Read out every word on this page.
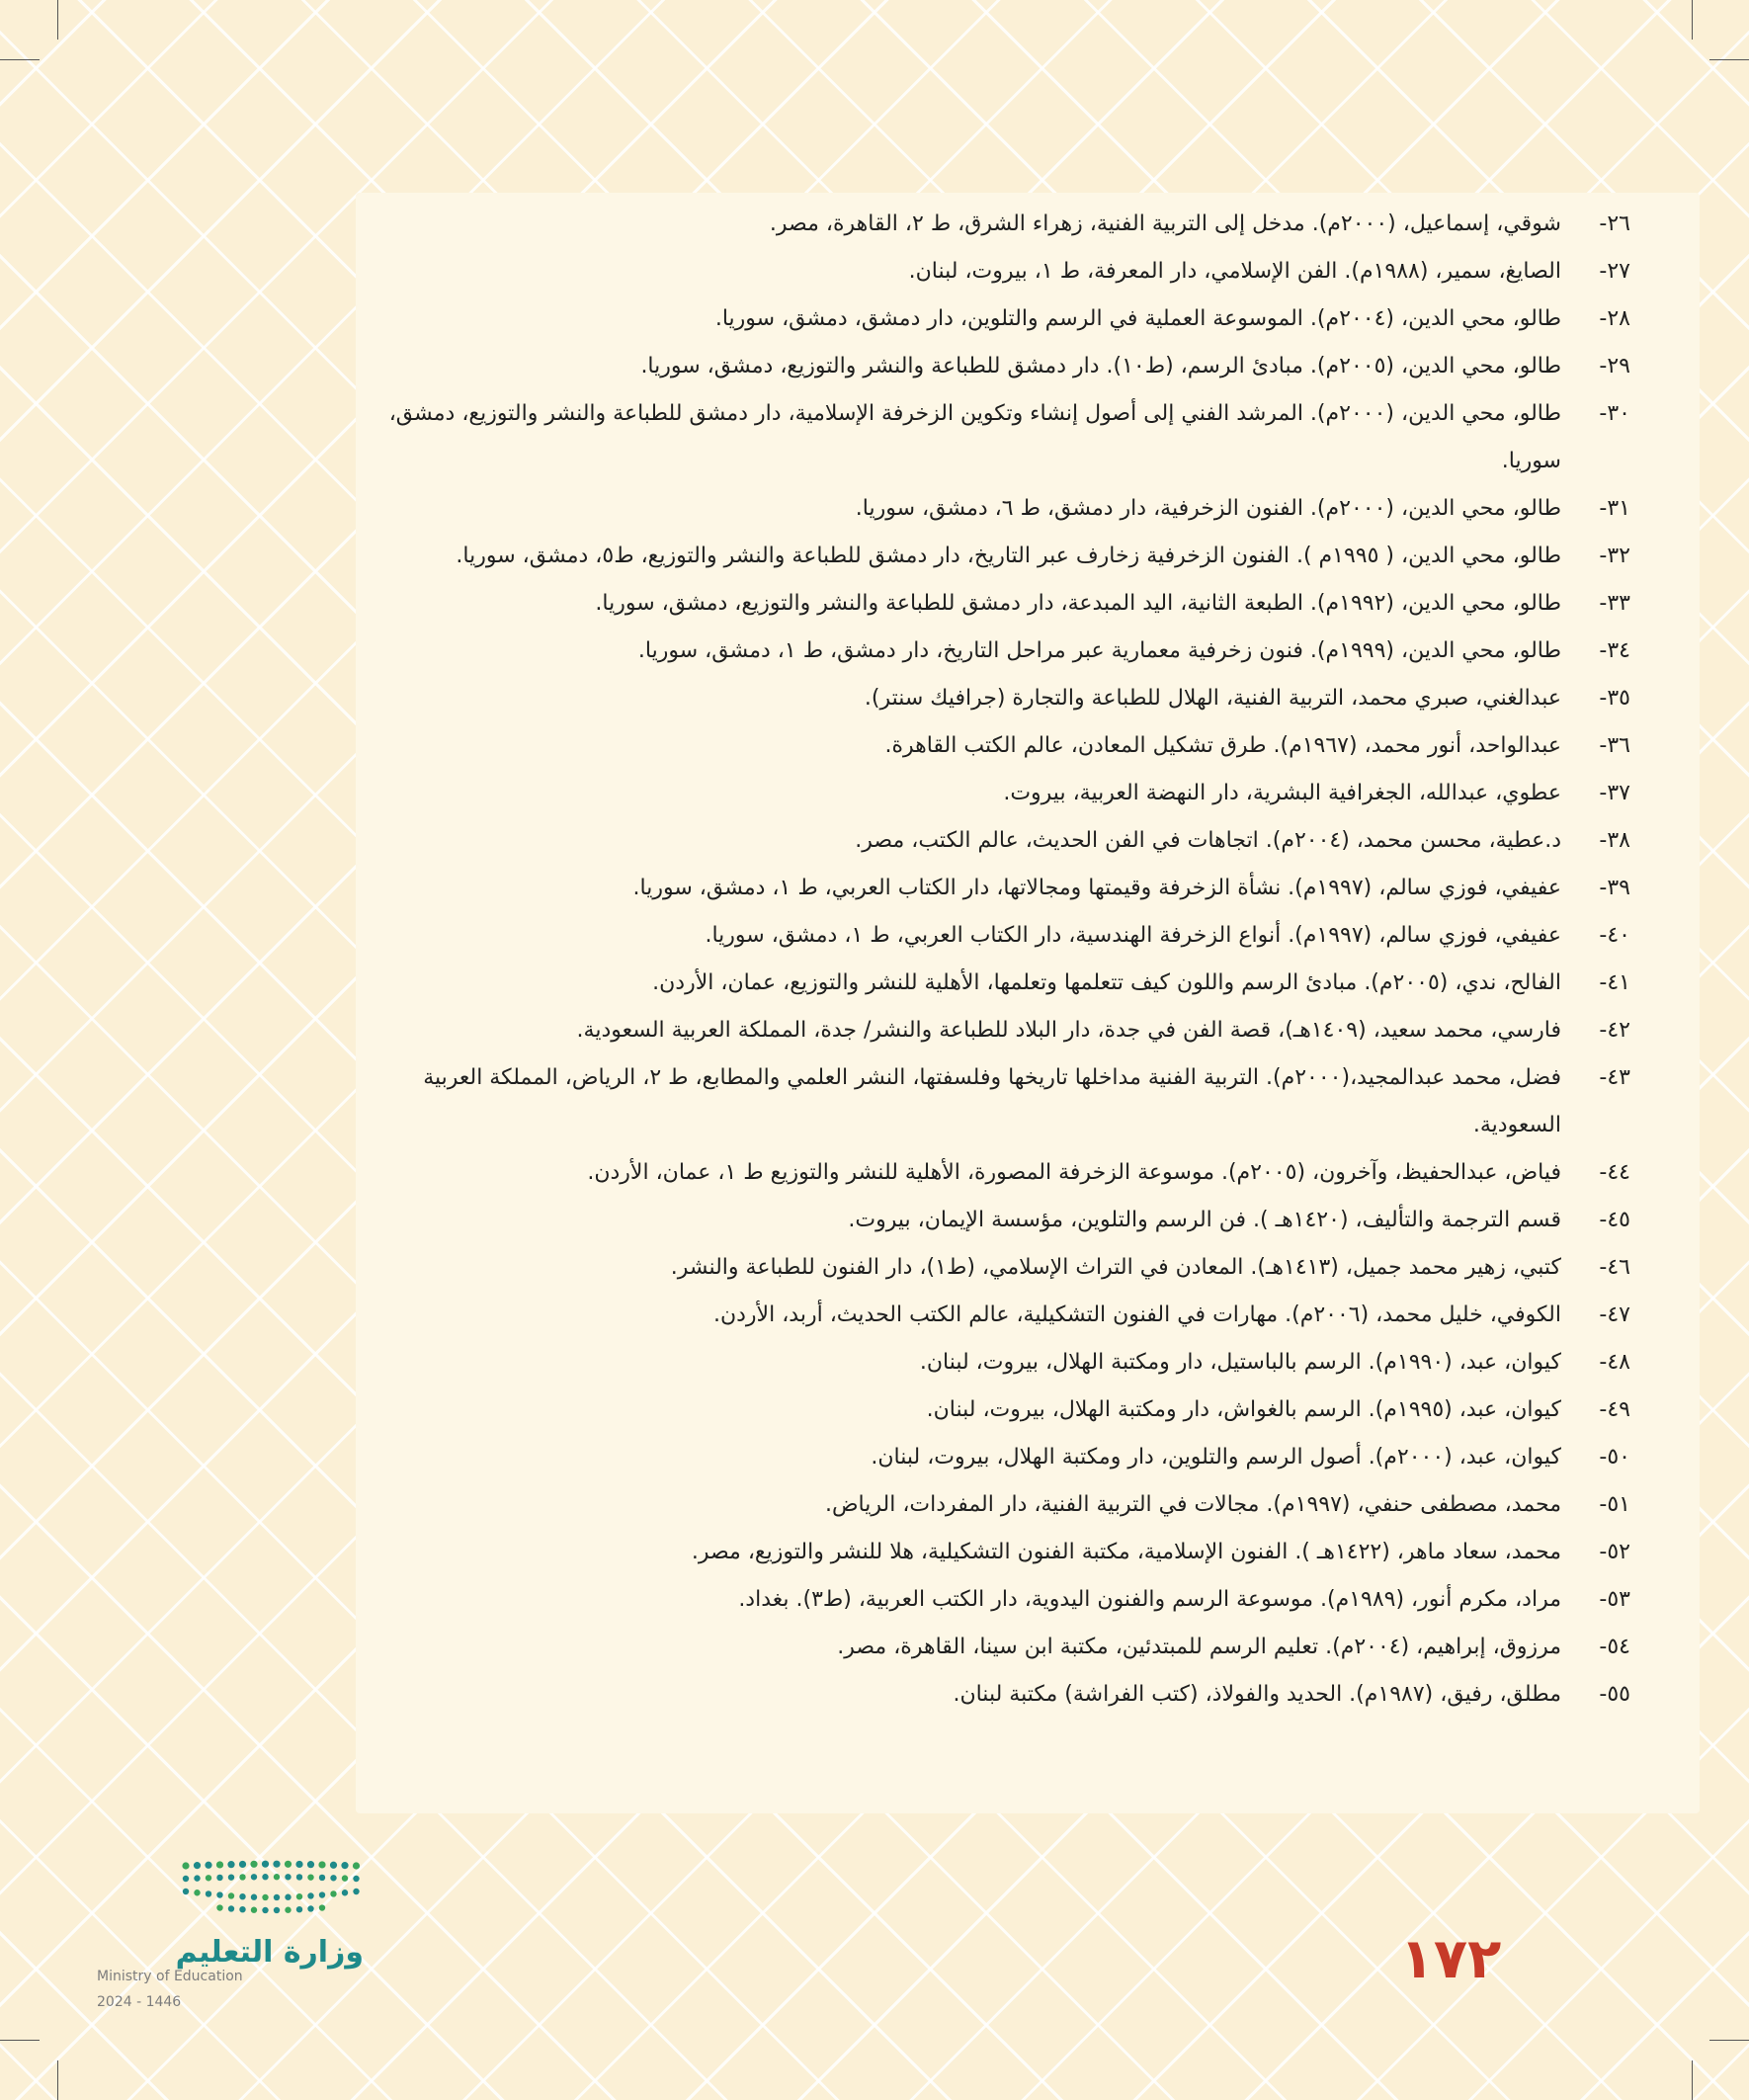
٢٦-
شوقي، إسماعيل، (٢٠٠٠م). مدخل إلى التربية الفنية، زهراء الشرق، ط ٢، القاهرة، مصر.
٢٧-
الصايغ، سمير، (١٩٨٨م). الفن الإسلامي، دار المعرفة، ط ١، بيروت، لبنان.
٢٨-
طالو، محي الدين، (٢٠٠٤م). الموسوعة العملية في الرسم والتلوين، دار دمشق، دمشق، سوريا.
٢٩-
طالو، محي الدين، (٢٠٠٥م). مبادئ الرسم، (ط١٠). دار دمشق للطباعة والنشر والتوزيع، دمشق، سوريا.
٣٠-
طالو، محي الدين، (٢٠٠٠م). المرشد الفني إلى أصول إنشاء وتكوين الزخرفة الإسلامية، دار دمشق للطباعة والنشر والتوزيع، دمشق، سوريا.
٣١-
طالو، محي الدين، (٢٠٠٠م). الفنون الزخرفية، دار دمشق، ط ٦، دمشق، سوريا.
٣٢-
طالو، محي الدين، ( ١٩٩٥م ). الفنون الزخرفية زخارف عبر التاريخ، دار دمشق للطباعة والنشر والتوزيع، ط٥، دمشق، سوريا.
٣٣-
طالو، محي الدين، (١٩٩٢م). الطبعة الثانية، اليد المبدعة، دار دمشق للطباعة والنشر والتوزيع، دمشق، سوريا.
٣٤-
طالو، محي الدين، (١٩٩٩م). فنون زخرفية معمارية عبر مراحل التاريخ، دار دمشق، ط ١، دمشق، سوريا.
٣٥-
عبدالغني، صبري محمد، التربية الفنية، الهلال للطباعة والتجارة (جرافيك سنتر).
٣٦-
عبدالواحد، أنور محمد، (١٩٦٧م). طرق تشكيل المعادن، عالم الكتب القاهرة.
٣٧-
عطوي، عبدالله، الجغرافية البشرية، دار النهضة العربية، بيروت.
٣٨-
د.عطية، محسن محمد، (٢٠٠٤م). اتجاهات في الفن الحديث، عالم الكتب، مصر.
٣٩-
عفيفي، فوزي سالم، (١٩٩٧م). نشأة الزخرفة وقيمتها ومجالاتها، دار الكتاب العربي، ط ١، دمشق، سوريا.
٤٠-
عفيفي، فوزي سالم، (١٩٩٧م). أنواع الزخرفة الهندسية، دار الكتاب العربي، ط ١، دمشق، سوريا.
٤١-
الفالح، ندي، (٢٠٠٥م). مبادئ الرسم واللون كيف تتعلمها وتعلمها، الأهلية للنشر والتوزيع، عمان، الأردن.
٤٢-
فارسي، محمد سعيد، (١٤٠٩هـ)، قصة الفن في جدة، دار البلاد للطباعة والنشر/ جدة، المملكة العربية السعودية.
٤٣-
فضل، محمد عبدالمجيد،(٢٠٠٠م). التربية الفنية مداخلها تاريخها وفلسفتها، النشر العلمي والمطابع، ط ٢، الرياض، المملكة العربية السعودية.
٤٤-
فياض، عبدالحفيظ، وآخرون، (٢٠٠٥م). موسوعة الزخرفة المصورة، الأهلية للنشر والتوزيع ط ١، عمان، الأردن.
٤٥-
قسم الترجمة والتأليف، (١٤٢٠هـ ). فن الرسم والتلوين، مؤسسة الإيمان، بيروت.
٤٦-
كتبي، زهير محمد جميل، (١٤١٣هـ). المعادن في التراث الإسلامي، (ط١)، دار الفنون للطباعة والنشر.
٤٧-
الكوفي، خليل محمد، (٢٠٠٦م). مهارات في الفنون التشكيلية، عالم الكتب الحديث، أربد، الأردن.
٤٨-
كيوان، عبد، (١٩٩٠م). الرسم بالباستيل، دار ومكتبة الهلال، بيروت، لبنان.
٤٩-
كيوان، عبد، (١٩٩٥م). الرسم بالغواش، دار ومكتبة الهلال، بيروت، لبنان.
٥٠-
كيوان، عبد، (٢٠٠٠م). أصول الرسم والتلوين، دار ومكتبة الهلال، بيروت، لبنان.
٥١-
محمد، مصطفى حنفي، (١٩٩٧م). مجالات في التربية الفنية، دار المفردات، الرياض.
٥٢-
محمد، سعاد ماهر، (١٤٢٢هـ ). الفنون الإسلامية، مكتبة الفنون التشكيلية، هلا للنشر والتوزيع، مصر.
٥٣-
مراد، مكرم أنور، (١٩٨٩م). موسوعة الرسم والفنون اليدوية، دار الكتب العربية، (ط٣). بغداد.
٥٤-
مرزوق، إبراهيم، (٢٠٠٤م). تعليم الرسم للمبتدئين، مكتبة ابن سينا، القاهرة، مصر.
٥٥-
مطلق، رفيق، (١٩٨٧م). الحديد والفولاذ، (كتب الفراشة) مكتبة لبنان.
١٧٢
وزارة التعليم
Ministry of Education
2024 - 1446
